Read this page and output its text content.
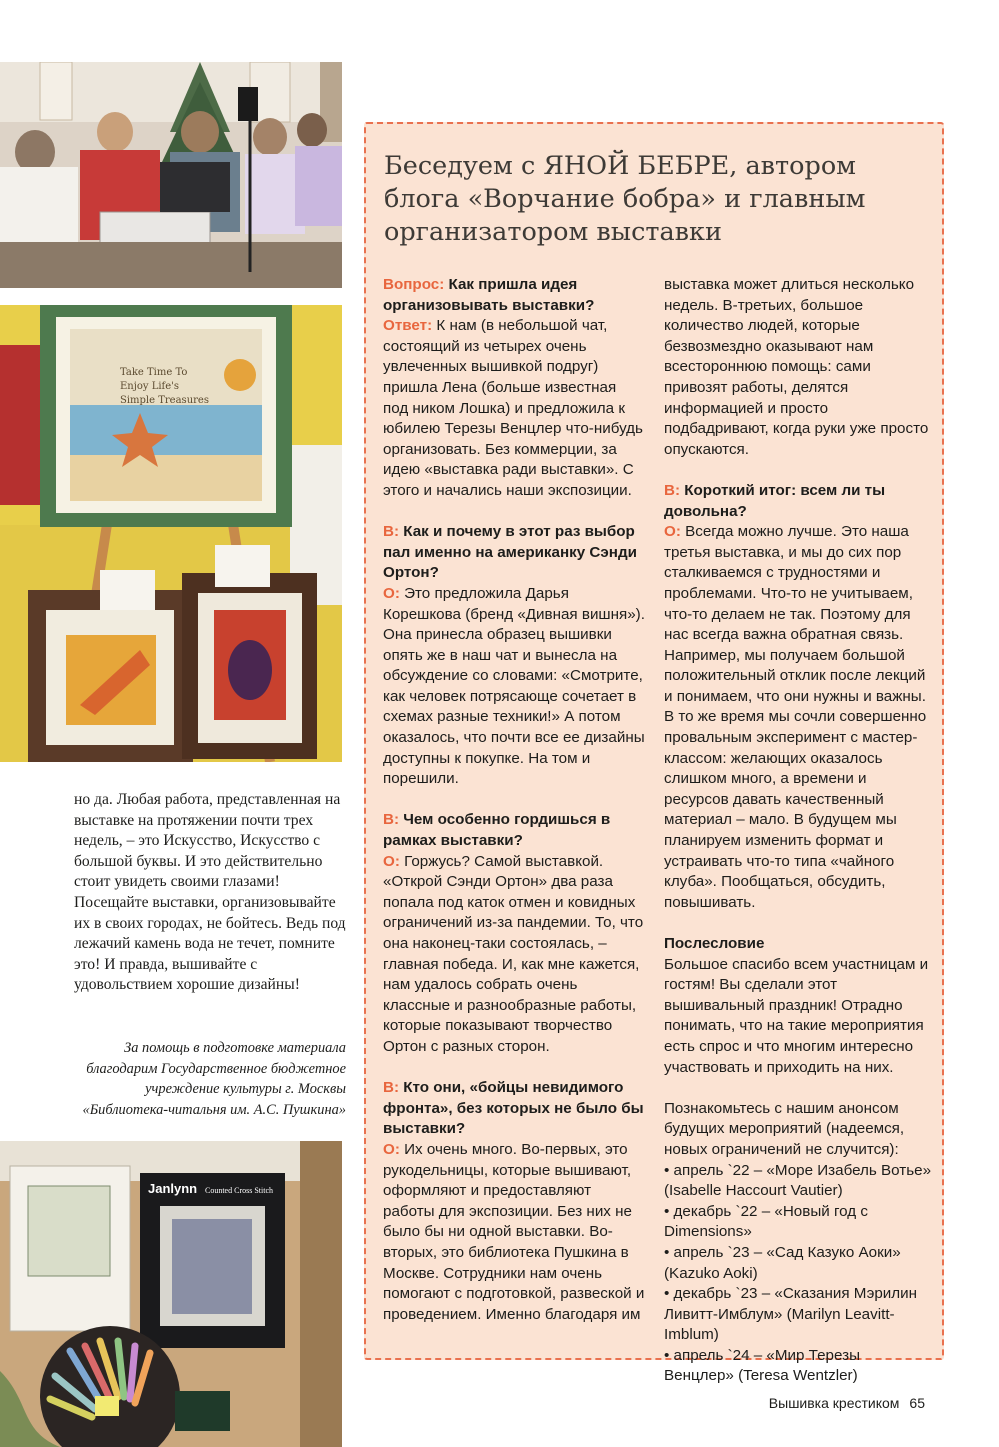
Take Time To
Enjoy Life's
Simple Treasures
Janlynn Counted Cross Stitch

но да. Любая работа, представленная на выставке на протяжении почти трех недель, – это Искусство, Искусство с большой буквы. И это действительно стоит увидеть своими глазами! Посещайте выставки, организовывайте их в своих городах, не бойтесь. Ведь под лежачий камень вода не течет, помните это! И правда, вышивайте с удовольствием хорошие дизайны!

За помощь в подготовке материала благодарим Государственное бюджетное учреждение культуры г. Москвы «Библиотека-читальня им. А.С. Пушкина»

Беседуем с ЯНОЙ БЕБРЕ, автором блога «Ворчание бобра» и главным организатором выставки

Вопрос: Как пришла идея организовывать выставки?

Ответ: К нам (в небольшой чат, состоящий из четырех очень увлеченных вышивкой подруг) пришла Лена (больше известная под ником Лошка) и предложила к юбилею Терезы Венцлер что-нибудь организовать. Без коммерции, за идею «выставка ради выставки». С этого и начались наши экспозиции.

В: Как и почему в этот раз выбор пал именно на американку Сэнди Ортон?

О: Это предложила Дарья Корешкова (бренд «Дивная вишня»). Она принесла образец вышивки опять же в наш чат и вынесла на обсуждение со словами: «Смотрите, как человек потрясающе сочетает в схемах разные техники!» А потом оказалось, что почти все ее дизайны доступны к покупке. На том и порешили.

В: Чем особенно гордишься в рамках выставки?

О: Горжусь? Самой выставкой. «Открой Сэнди Ортон» два раза попала под каток отмен и ковидных ограничений из-за пандемии. То, что она наконец-таки состоялась, – главная победа. И, как мне кажется, нам удалось собрать очень классные и разнообразные работы, которые показывают творчество Ортон с разных сторон.

В: Кто они, «бойцы невидимого фронта», без которых не было бы выставки?

О: Их очень много. Во-первых, это рукодельницы, которые вышивают, оформляют и предоставляют работы для экспозиции. Без них не было бы ни одной выставки. Во-вторых, это библиотека Пушкина в Москве. Сотрудники нам очень помогают с подготовкой, развеской и проведением. Именно благодаря им

выставка может длиться несколько недель. В-третьих, большое количество людей, которые безвозмездно оказывают нам всестороннюю помощь: сами привозят работы, делятся информацией и просто подбадривают, когда руки уже просто опускаются.

В: Короткий итог: всем ли ты довольна?

О: Всегда можно лучше. Это наша третья выставка, и мы до сих пор сталкиваемся с трудностями и проблемами. Что-то не учитываем, что-то делаем не так. Поэтому для нас всегда важна обратная связь. Например, мы получаем большой положительный отклик после лекций и понимаем, что они нужны и важны. В то же время мы сочли совершенно провальным эксперимент с мастер-классом: желающих оказалось слишком много, а времени и ресурсов давать качественный материал – мало. В будущем мы планируем изменить формат и устраивать что-то типа «чайного клуба». Пообщаться, обсудить, повышивать.

Послесловие

Большое спасибо всем участницам и гостям! Вы сделали этот вышивальный праздник! Отрадно понимать, что на такие мероприятия есть спрос и что многим интересно участвовать и приходить на них.

Познакомьтесь с нашим анонсом будущих мероприятий (надеемся, новых ограничений не случится):

• апрель `22 – «Море Изабель Вотье» (Isabelle Haccourt Vautier)
• декабрь `22 – «Новый год с Dimensions»
• апрель `23 – «Сад Казуко Аоки» (Kazuko Aoki)
• декабрь `23 – «Сказания Мэрилин Ливитт-Имблум» (Marilyn Leavitt-Imblum)
• апрель `24 – «Мир Терезы Венцлер» (Teresa Wentzler)
Вышивка крестиком 65
